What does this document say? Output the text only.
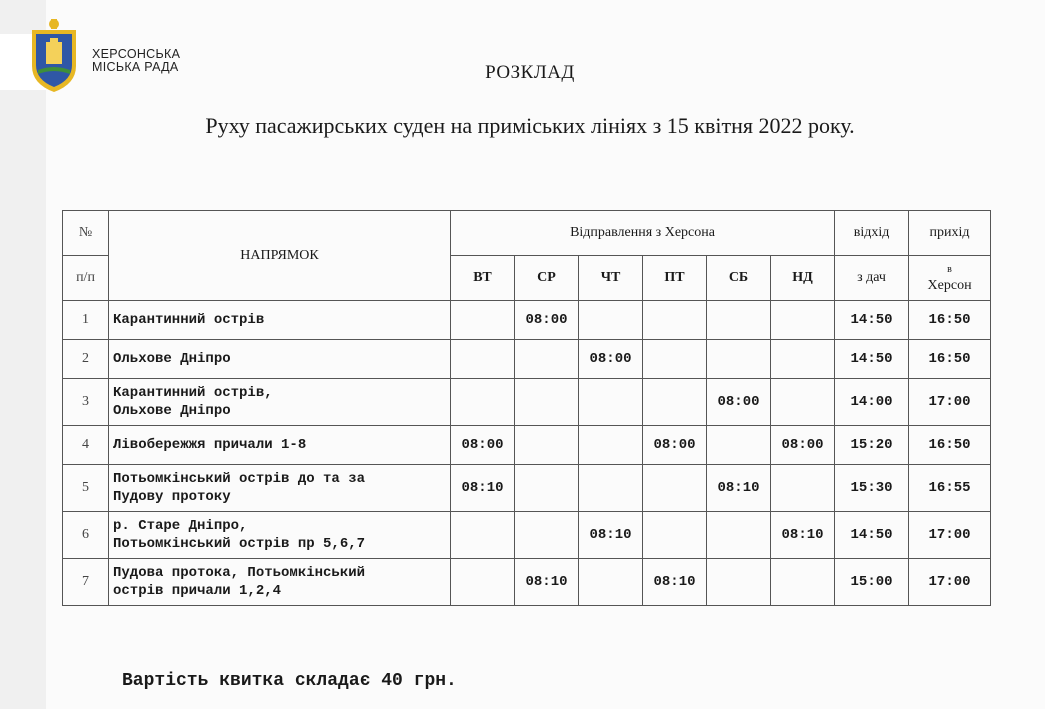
ХЕРСОНСЬКА
МІСЬКА РАДА	РОЗКЛАД
Руху пасажирських суден на приміських лініях з 15 квітня 2022 року.
№	НАПРЯМОК	Відправлення з Херсона						відхід	прихід
п/п		ВТ	СР	ЧТ	ПТ	СБ	НД	з дач	в
Херсон
1	Карантинний острів		08:00					14:50	16:50
2	Ольхове Дніпро			08:00				14:50	16:50
3	Карантинний острів,
Ольхове Дніпро					08:00		14:00	17:00
4	Лівобережжя причали 1-8	08:00			08:00		08:00	15:20	16:50
5	Потьомкінський острів до та за
Пудову протоку	08:10				08:10		15:30	16:55
6	р. Старе Дніпро,
Потьомкінський острів пр 5,6,7			08:10			08:10	14:50	17:00
7	Пудова протока, Потьомкінський
острів причали 1,2,4		08:10		08:10			15:00	17:00
Вартість квитка складає 40 грн.
